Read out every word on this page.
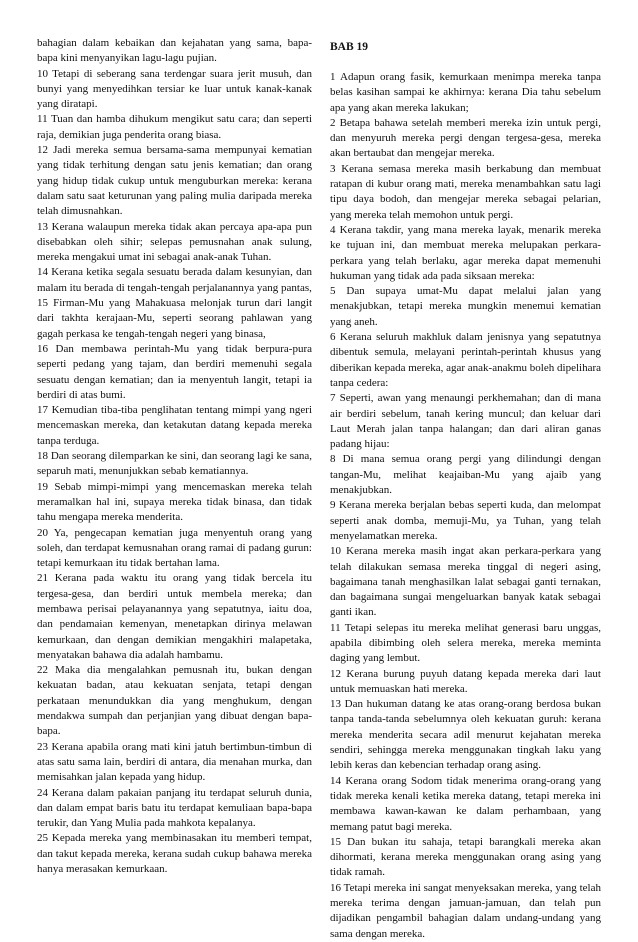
bahagian dalam kebaikan dan kejahatan yang sama, bapa-bapa kini menyanyikan lagu-lagu pujian.

10 Tetapi di seberang sana terdengar suara jerit musuh, dan bunyi yang menyedihkan tersiar ke luar untuk kanak-kanak yang diratapi.

11 Tuan dan hamba dihukum mengikut satu cara; dan seperti raja, demikian juga penderita orang biasa.

12 Jadi mereka semua bersama-sama mempunyai kematian yang tidak terhitung dengan satu jenis kematian; dan orang yang hidup tidak cukup untuk menguburkan mereka: kerana dalam satu saat keturunan yang paling mulia daripada mereka telah dimusnahkan.

13 Kerana walaupun mereka tidak akan percaya apa-apa pun disebabkan oleh sihir; selepas pemusnahan anak sulung, mereka mengakui umat ini sebagai anak-anak Tuhan.

14 Kerana ketika segala sesuatu berada dalam kesunyian, dan malam itu berada di tengah-tengah perjalanannya yang pantas,

15 Firman-Mu yang Mahakuasa melonjak turun dari langit dari takhta kerajaan-Mu, seperti seorang pahlawan yang gagah perkasa ke tengah-tengah negeri yang binasa,

16 Dan membawa perintah-Mu yang tidak berpura-pura seperti pedang yang tajam, dan berdiri memenuhi segala sesuatu dengan kematian; dan ia menyentuh langit, tetapi ia berdiri di atas bumi.

17 Kemudian tiba-tiba penglihatan tentang mimpi yang ngeri mencemaskan mereka, dan ketakutan datang kepada mereka tanpa terduga.

18 Dan seorang dilemparkan ke sini, dan seorang lagi ke sana, separuh mati, menunjukkan sebab kematiannya.

19 Sebab mimpi-mimpi yang mencemaskan mereka telah meramalkan hal ini, supaya mereka tidak binasa, dan tidak tahu mengapa mereka menderita.

20 Ya, pengecapan kematian juga menyentuh orang yang soleh, dan terdapat kemusnahan orang ramai di padang gurun: tetapi kemurkaan itu tidak bertahan lama.

21 Kerana pada waktu itu orang yang tidak bercela itu tergesa-gesa, dan berdiri untuk membela mereka; dan membawa perisai pelayanannya yang sepatutnya, iaitu doa, dan pendamaian kemenyan, menetapkan dirinya melawan kemurkaan, dan dengan demikian mengakhiri malapetaka, menyatakan bahawa dia adalah hambamu.

22 Maka dia mengalahkan pemusnah itu, bukan dengan kekuatan badan, atau kekuatan senjata, tetapi dengan perkataan menundukkan dia yang menghukum, dengan mendakwa sumpah dan perjanjian yang dibuat dengan bapa-bapa.

23 Kerana apabila orang mati kini jatuh bertimbun-timbun di atas satu sama lain, berdiri di antara, dia menahan murka, dan memisahkan jalan kepada yang hidup.

24 Kerana dalam pakaian panjang itu terdapat seluruh dunia, dan dalam empat baris batu itu terdapat kemuliaan bapa-bapa terukir, dan Yang Mulia pada mahkota kepalanya.

25 Kepada mereka yang membinasakan itu memberi tempat, dan takut kepada mereka, kerana sudah cukup bahawa mereka hanya merasakan kemurkaan.

BAB 19

1 Adapun orang fasik, kemurkaan menimpa mereka tanpa belas kasihan sampai ke akhirnya: kerana Dia tahu sebelum apa yang akan mereka lakukan;

2 Betapa bahawa setelah memberi mereka izin untuk pergi, dan menyuruh mereka pergi dengan tergesa-gesa, mereka akan bertaubat dan mengejar mereka.

3 Kerana semasa mereka masih berkabung dan membuat ratapan di kubur orang mati, mereka menambahkan satu lagi tipu daya bodoh, dan mengejar mereka sebagai pelarian, yang mereka telah memohon untuk pergi.

4 Kerana takdir, yang mana mereka layak, menarik mereka ke tujuan ini, dan membuat mereka melupakan perkara-perkara yang telah berlaku, agar mereka dapat memenuhi hukuman yang tidak ada pada siksaan mereka:

5 Dan supaya umat-Mu dapat melalui jalan yang menakjubkan, tetapi mereka mungkin menemui kematian yang aneh.

6 Kerana seluruh makhluk dalam jenisnya yang sepatutnya dibentuk semula, melayani perintah-perintah khusus yang diberikan kepada mereka, agar anak-anakmu boleh dipelihara tanpa cedera:

7 Seperti, awan yang menaungi perkhemahan; dan di mana air berdiri sebelum, tanah kering muncul; dan keluar dari Laut Merah jalan tanpa halangan; dan dari aliran ganas padang hijau:

8 Di mana semua orang pergi yang dilindungi dengan tangan-Mu, melihat keajaiban-Mu yang ajaib yang menakjubkan.

9 Kerana mereka berjalan bebas seperti kuda, dan melompat seperti anak domba, memuji-Mu, ya Tuhan, yang telah menyelamatkan mereka.

10 Kerana mereka masih ingat akan perkara-perkara yang telah dilakukan semasa mereka tinggal di negeri asing, bagaimana tanah menghasilkan lalat sebagai ganti ternakan, dan bagaimana sungai mengeluarkan banyak katak sebagai ganti ikan.

11 Tetapi selepas itu mereka melihat generasi baru unggas, apabila dibimbing oleh selera mereka, mereka meminta daging yang lembut.

12 Kerana burung puyuh datang kepada mereka dari laut untuk memuaskan hati mereka.

13 Dan hukuman datang ke atas orang-orang berdosa bukan tanpa tanda-tanda sebelumnya oleh kekuatan guruh: kerana mereka menderita secara adil menurut kejahatan mereka sendiri, sehingga mereka menggunakan tingkah laku yang lebih keras dan kebencian terhadap orang asing.

14 Kerana orang Sodom tidak menerima orang-orang yang tidak mereka kenali ketika mereka datang, tetapi mereka ini membawa kawan-kawan ke dalam perhambaan, yang memang patut bagi mereka.

15 Dan bukan itu sahaja, tetapi barangkali mereka akan dihormati, kerana mereka menggunakan orang asing yang tidak ramah.

16 Tetapi mereka ini sangat menyeksakan mereka, yang telah mereka terima dengan jamuan-jamuan, dan telah pun dijadikan pengambil bahagian dalam undang-undang yang sama dengan mereka.
